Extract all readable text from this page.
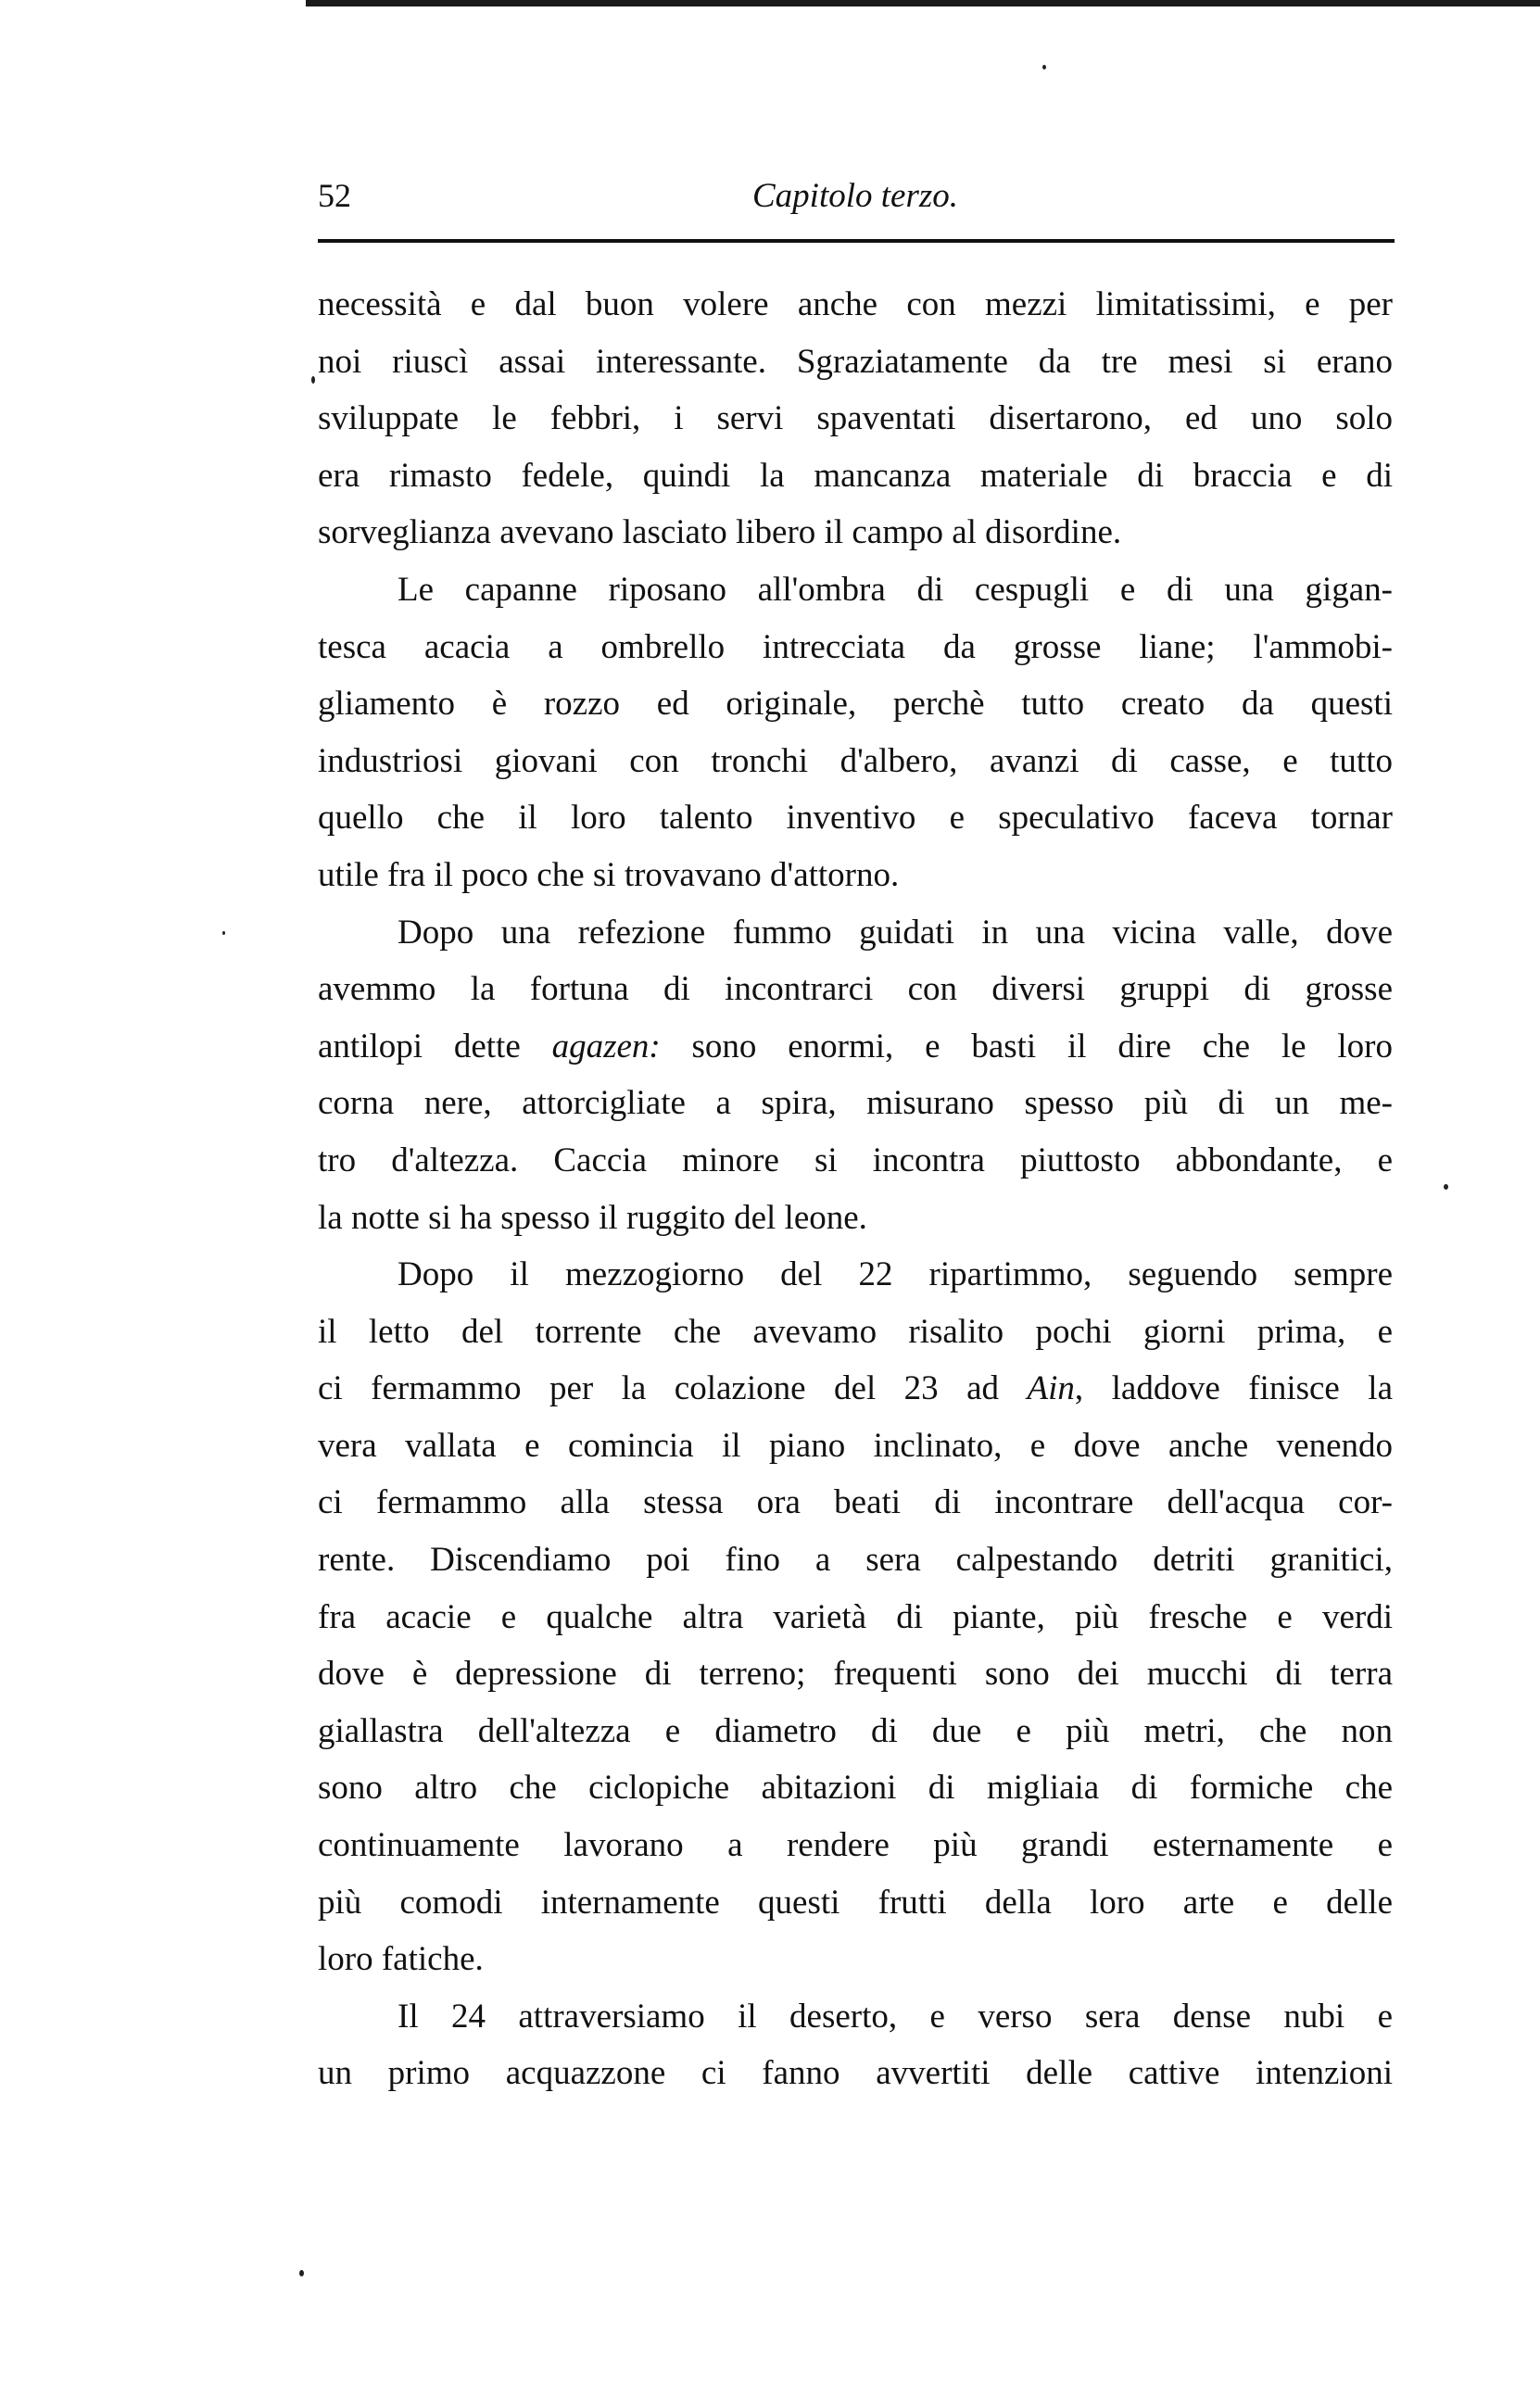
52	Capitolo terzo.
necessità e dal buon volere anche con mezzi limitatissimi, e per
noi riuscì assai interessante. Sgraziatamente da tre mesi si erano
sviluppate le febbri, i servi spaventati disertarono, ed uno solo
era rimasto fedele, quindi la mancanza materiale di braccia e di
sorveglianza avevano lasciato libero il campo al disordine.
Le capanne riposano all'ombra di cespugli e di una gigan-
tesca acacia a ombrello intrecciata da grosse liane; l'ammobi-
gliamento è rozzo ed originale, perchè tutto creato da questi
industriosi giovani con tronchi d'albero, avanzi di casse, e tutto
quello che il loro talento inventivo e speculativo faceva tornar
utile fra il poco che si trovavano d'attorno.
Dopo una refezione fummo guidati in una vicina valle, dove
avemmo la fortuna di incontrarci con diversi gruppi di grosse
antilopi dette agazen: sono enormi, e basti il dire che le loro
corna nere, attorcigliate a spira, misurano spesso più di un me-
tro d'altezza. Caccia minore si incontra piuttosto abbondante, e
la notte si ha spesso il ruggito del leone.
Dopo il mezzogiorno del 22 ripartimmo, seguendo sempre
il letto del torrente che avevamo risalito pochi giorni prima, e
ci fermammo per la colazione del 23 ad Ain, laddove finisce la
vera vallata e comincia il piano inclinato, e dove anche venendo
ci fermammo alla stessa ora beati di incontrare dell'acqua cor-
rente. Discendiamo poi fino a sera calpestando detriti granitici,
fra acacie e qualche altra varietà di piante, più fresche e verdi
dove è depressione di terreno; frequenti sono dei mucchi di terra
giallastra dell'altezza e diametro di due e più metri, che non
sono altro che ciclopiche abitazioni di migliaia di formiche che
continuamente lavorano a rendere più grandi esternamente e
più comodi internamente questi frutti della loro arte e delle
loro fatiche.
Il 24 attraversiamo il deserto, e verso sera dense nubi e
un primo acquazzone ci fanno avvertiti delle cattive intenzioni
